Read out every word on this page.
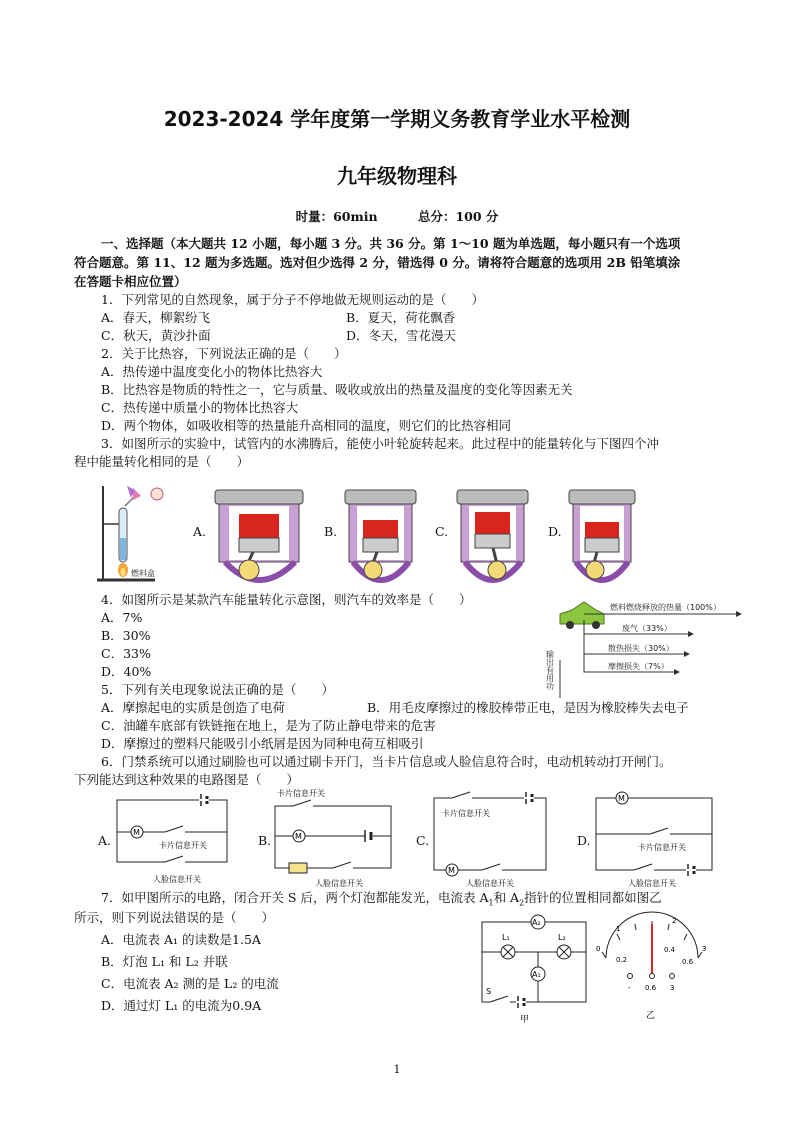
2023-2024 学年度第一学期义务教育学业水平检测
九年级物理科
时量：60min	总分：100 分
一、选择题（本大题共 12 小题，每小题 3 分。共 36 分。第 1～10 题为单选题，每小题只有一个选项
符合题意。第 11、12 题为多选题。选对但少选得 2 分，错选得 0 分。请将符合题意的选项用 2B 铅笔填涂
在答题卡相应位置）
1．下列常见的自然现象，属于分子不停地做无规则运动的是（　　）
A．春天，柳絮纷飞	B．夏天，荷花飘香
C．秋天，黄沙扑面	D．冬天，雪花漫天
2．关于比热容，下列说法正确的是（　　）
A．热传递中温度变化小的物体比热容大
B．比热容是物质的特性之一，它与质量、吸收或放出的热量及温度的变化等因素无关
C．热传递中质量小的物体比热容大
D．两个物体，如吸收相等的热量能升高相同的温度，则它们的比热容相同
3．如图所示的实验中，试管内的水沸腾后，能使小叶轮旋转起来。此过程中的能量转化与下图四个冲
程中能量转化相同的是（　　）
燃料盒
A.	B.	C.	D.
4．如图所示是某款汽车能量转化示意图，则汽车的效率是（　　）
A．7%
B．30%
C．33%
D．40%
燃料燃烧释放的热量（100%）
废气（33%）
散热损失（30%）
摩擦损失（7%）
输出有用功
5．下列有关电现象说法正确的是（　　）
A．摩擦起电的实质是创造了电荷	B．用毛皮摩擦过的橡胶棒带正电，是因为橡胶棒失去电子
C．油罐车底部有铁链拖在地上，是为了防止静电带来的危害
D．摩擦过的塑料尺能吸引小纸屑是因为同种电荷互相吸引
6．门禁系统可以通过刷脸也可以通过刷卡开门，当卡片信息或人脸信息符合时，电动机转动打开闸门。
下列能达到这种效果的电路图是（　　）
A.	B.	C.	D.
M
卡片信息开关
人脸信息开关
卡片信息开关
M
人脸信息开关
卡片信息开关
M
人脸信息开关
M
卡片信息开关
人脸信息开关
7．如甲图所示的电路，闭合开关 S 后，两个灯泡都能发光，电流表 $A_1$和 $A_2$指针的位置相同都如图乙
所示，则下列说法错误的是（　　）
A．电流表 A₁ 的读数是1.5A
B．灯泡 L₁ 和 L₂ 并联
C．电流表 A₂ 测的是 L₂ 的电流
D．通过灯 L₁ 的电流为0.9A
A₂
L₁	L₂
A₁
S
甲
0
1
2
3
0.2
0.4
0.6
- 0.6 3
乙
1
